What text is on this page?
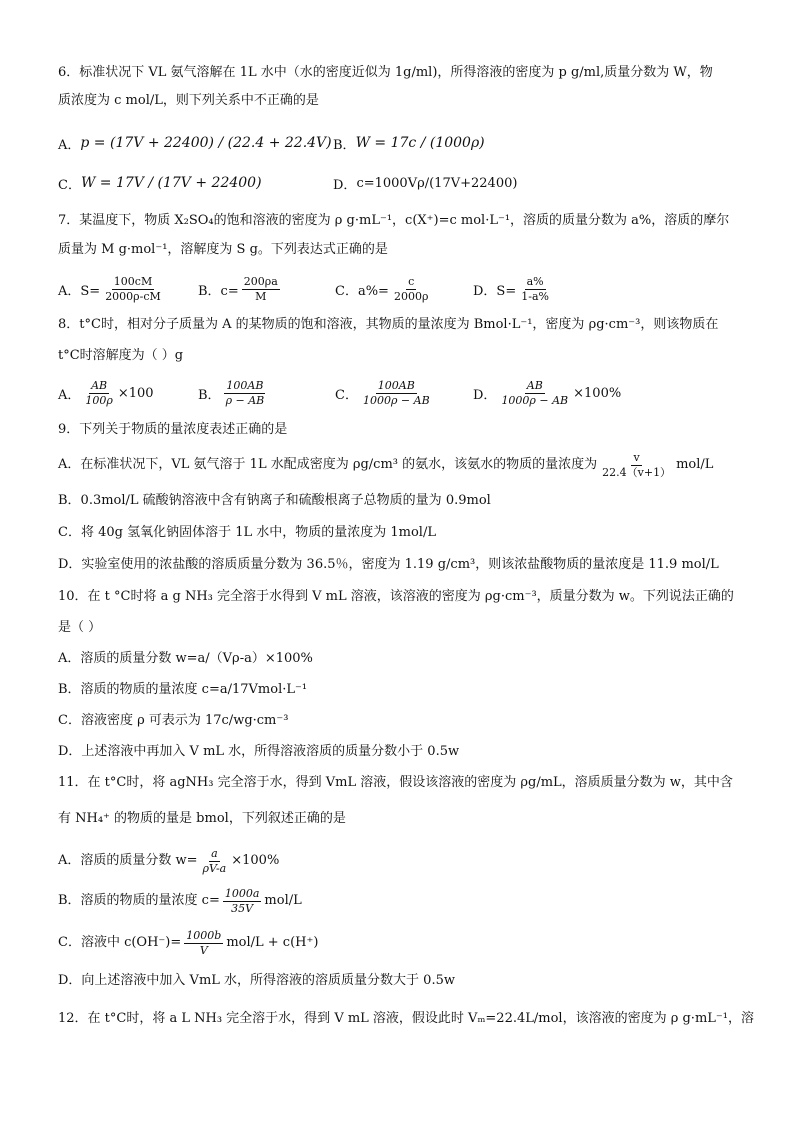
6．标准状况下 VL 氨气溶解在 1L 水中（水的密度近似为 1g/ml)，所得溶液的密度为 p g/ml,质量分数为 W，物
质浓度为 c mol/L，则下列关系中不正确的是
A． p = (17V + 22400) / (22.4 + 22.4V) B． W = 17c / (1000ρ)
C． W = 17V / (17V + 22400)	D． c=1000Vρ/(17V+22400)
7．某温度下，物质 X₂SO₄的饱和溶液的密度为 ρ g·mL⁻¹，c(X⁺)=c mol·L⁻¹，溶质的质量分数为 a%，溶质的摩尔
质量为 M g·mol⁻¹，溶解度为 S g。下列表达式正确的是
A．$S= \frac{100cM}{2000\rho-cM}$	B．$c= \frac{200\rho a}{M}$	C．$a\%= \frac{c}{2000\rho}$	D．$S= \frac{a\%}{1-a\%}$
8．t°C时，相对分子质量为 A 的某物质的饱和溶液，其物质的量浓度为 Bmol·L⁻¹，密度为 ρg·cm⁻³，则该物质在
t°C时溶解度为（ ）g
A． $\frac{AB}{100\rho} \times 100$	B． $\frac{100AB}{\rho - AB}$	C． $\frac{100AB}{1000\rho - AB}$	D． $\frac{AB}{1000\rho - AB} \times 100\%$
9．下列关于物质的量浓度表述正确的是
A．在标准状况下，VL 氨气溶于 1L 水配成密度为 ρg/cm³ 的氨水，该氨水的物质的量浓度为 $\frac{v}{22.4(v+1)} mol/L$
B．0.3mol/L 硫酸钠溶液中含有钠离子和硫酸根离子总物质的量为 0.9mol
C．将 40g 氢氧化钠固体溶于 1L 水中，物质的量浓度为 1mol/L
D．实验室使用的浓盐酸的溶质质量分数为 36.5％，密度为 1.19 g/cm³，则该浓盐酸物质的量浓度是 11.9 mol/L
10．在 t °C时将 a g NH₃ 完全溶于水得到 V mL 溶液，该溶液的密度为 ρg·cm⁻³，质量分数为 w。下列说法正确的
是（ ）
A．溶质的质量分数 w=a/（Vρ-a）×100%
B．溶质的物质的量浓度 c=a/17Vmol·L⁻¹
C．溶液密度 ρ 可表示为 17c/wg·cm⁻³
D．上述溶液中再加入 V mL 水，所得溶液溶质的质量分数小于 0.5w
11．在 t°C时，将 agNH₃ 完全溶于水，得到 VmL 溶液，假设该溶液的密度为 ρg/mL，溶质质量分数为 w，其中含
有 NH₄⁺ 的物质的量是 bmol，下列叙述正确的是
A．溶质的质量分数 $w= \frac{a}{\rho V-a} \times 100\%$
B．溶质的物质的量浓度 $c= \frac{1000a}{35V} mol/L$
C．溶液中 $c(OH^-)= \frac{1000b}{V} mol/L + c(H^+)$
D．向上述溶液中加入 VmL 水，所得溶液的溶质质量分数大于 0.5w
12．在 t°C时，将 a L NH₃ 完全溶于水，得到 V mL 溶液，假设此时 Vₘ=22.4L/mol，该溶液的密度为 ρ g·mL⁻¹，溶
